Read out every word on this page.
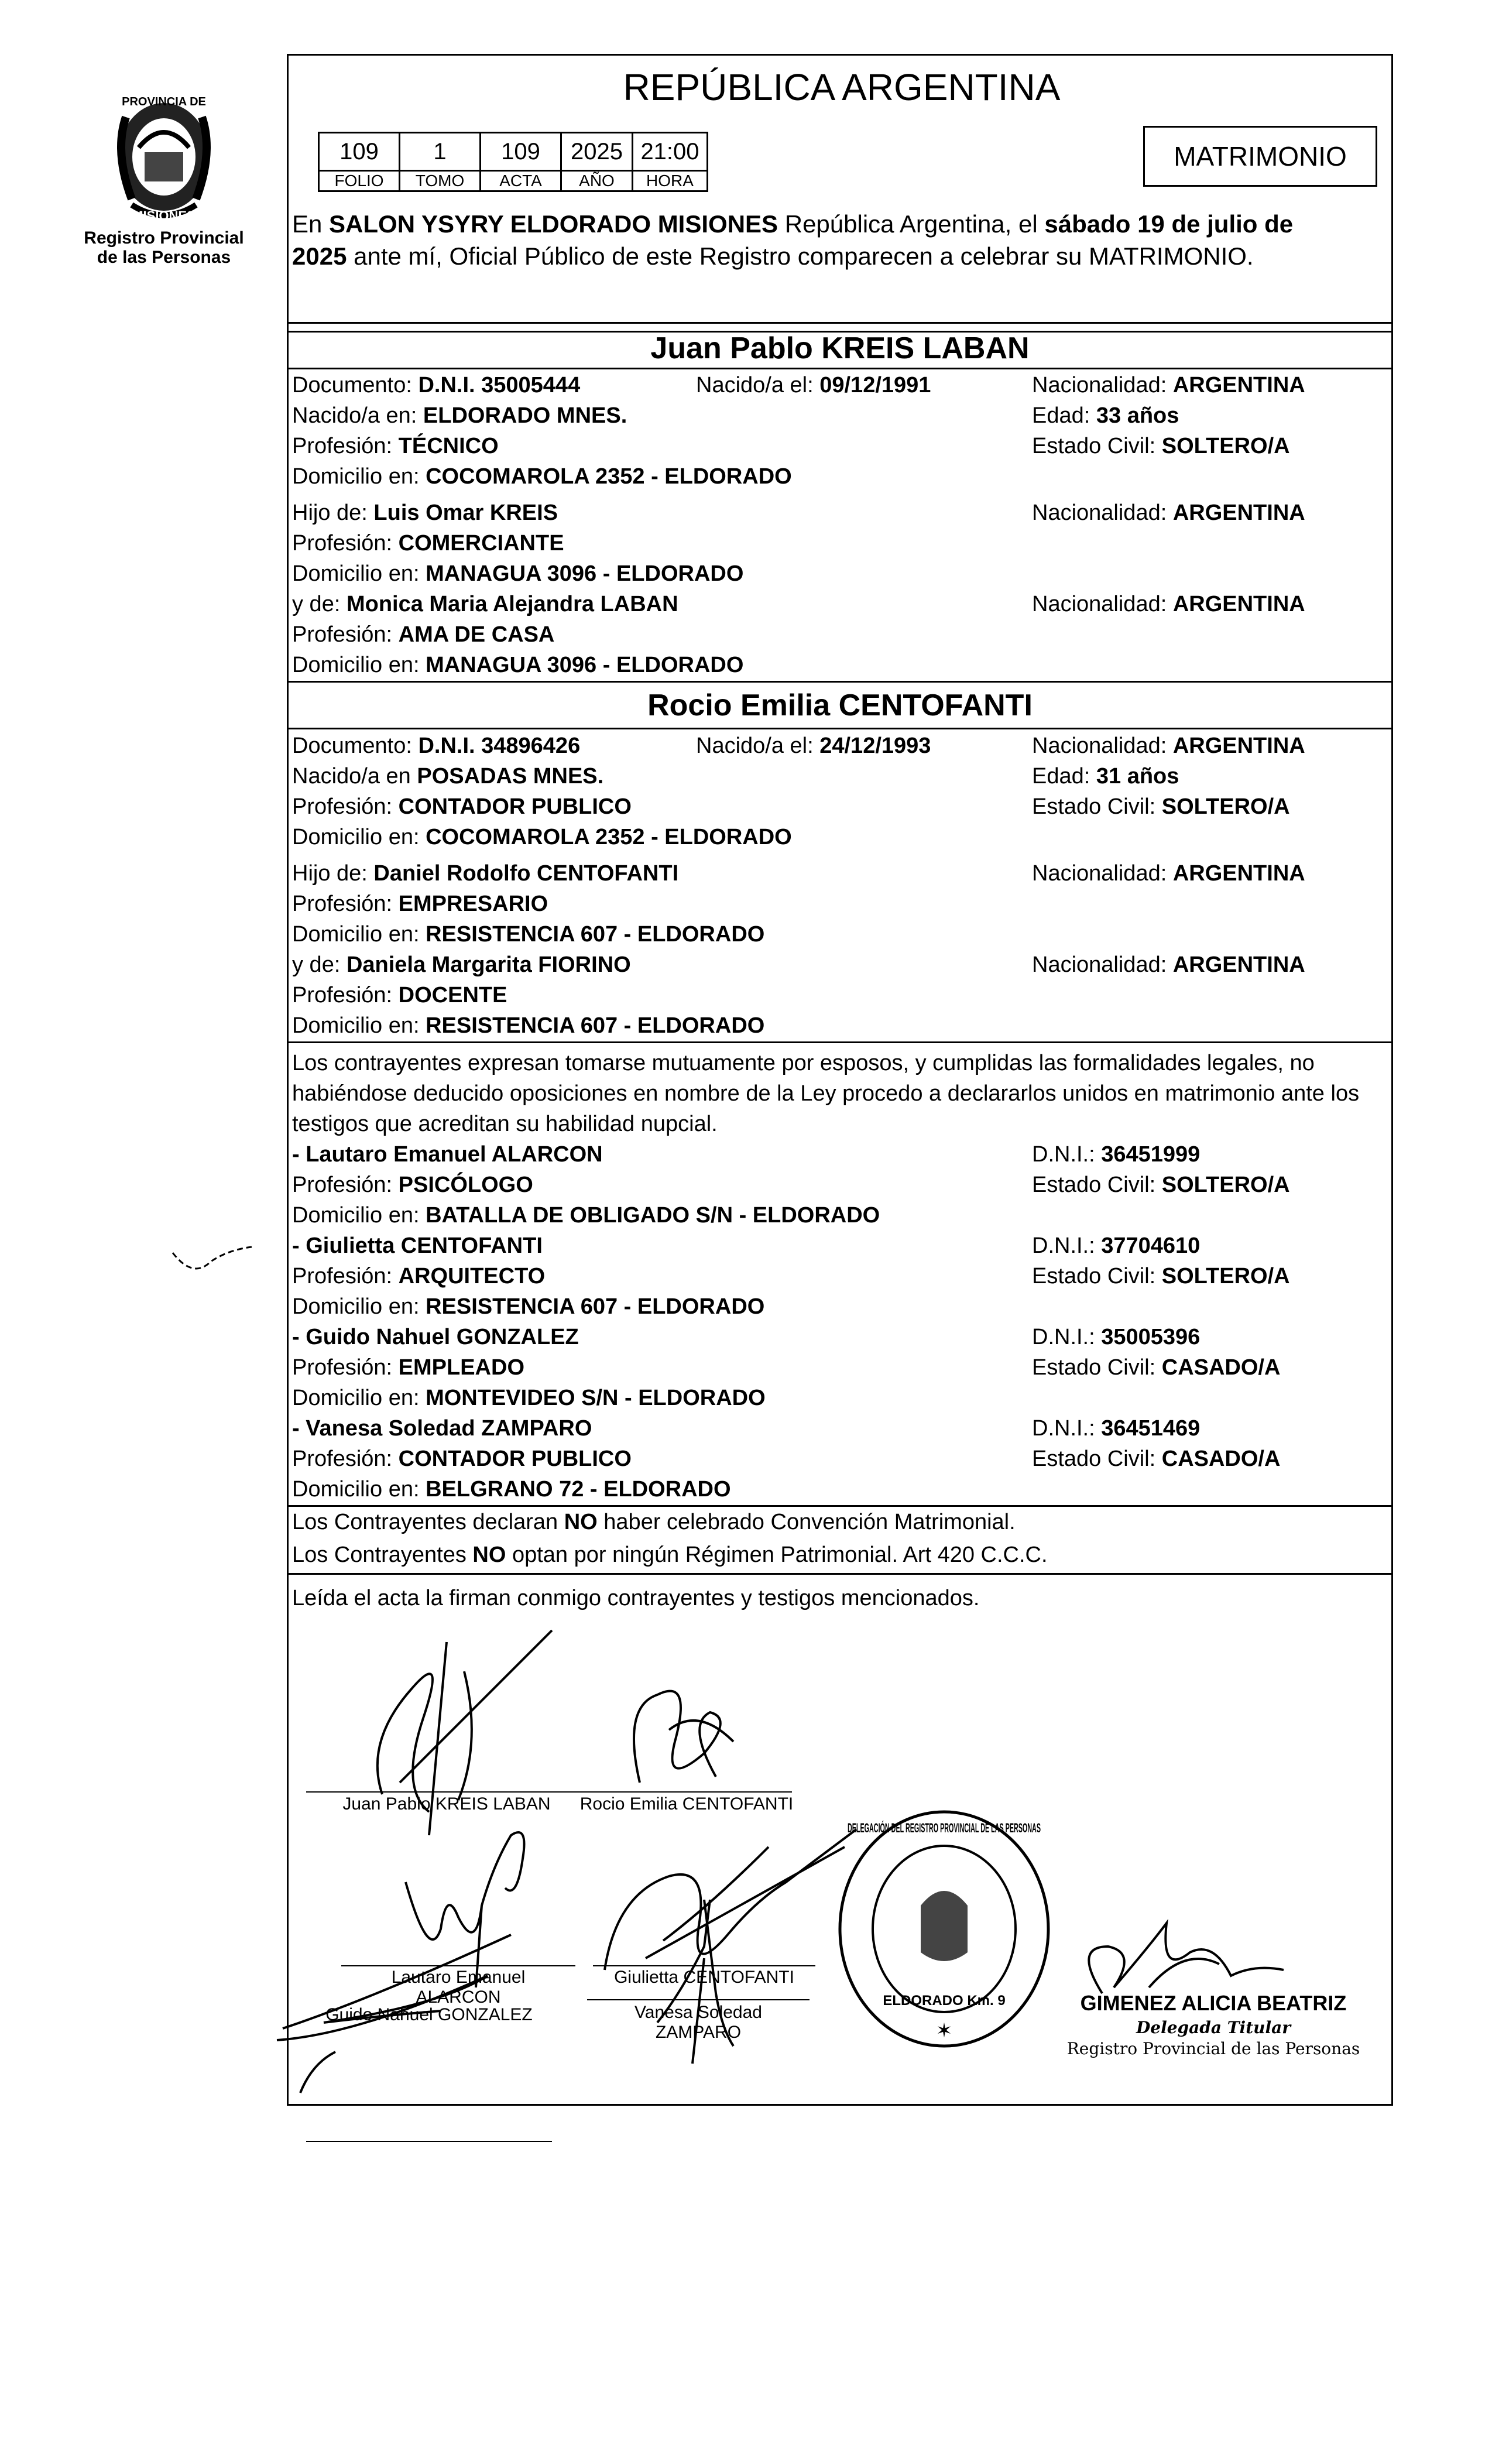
PROVINCIA DE
MISIONES
Registro Provincial
de las Personas
REPÚBLICA ARGENTINA
109	1	109	2025	21:00
FOLIO	TOMO	ACTA	AÑO	HORA
MATRIMONIO
En SALON YSYRY ELDORADO MISIONES República Argentina, el sábado 19 de julio de
2025 ante mí, Oficial Público de este Registro comparecen a celebrar su MATRIMONIO.
Juan Pablo KREIS LABAN
Documento: D.N.I. 35005444	Nacido/a el: 09/12/1991	Nacionalidad: ARGENTINA
Nacido/a en: ELDORADO MNES.	Edad: 33 años
Profesión: TÉCNICO	Estado Civil: SOLTERO/A
Domicilio en: COCOMAROLA 2352 - ELDORADO
Hijo de: Luis Omar KREIS	Nacionalidad: ARGENTINA
Profesión: COMERCIANTE
Domicilio en: MANAGUA 3096 - ELDORADO
y de: Monica Maria Alejandra LABAN	Nacionalidad: ARGENTINA
Profesión: AMA DE CASA
Domicilio en: MANAGUA 3096 - ELDORADO
Rocio Emilia CENTOFANTI
Documento: D.N.I. 34896426	Nacido/a el: 24/12/1993	Nacionalidad: ARGENTINA
Nacido/a en POSADAS MNES.	Edad: 31 años
Profesión: CONTADOR PUBLICO	Estado Civil: SOLTERO/A
Domicilio en: COCOMAROLA 2352 - ELDORADO
Hijo de: Daniel Rodolfo CENTOFANTI	Nacionalidad: ARGENTINA
Profesión: EMPRESARIO
Domicilio en: RESISTENCIA 607 - ELDORADO
y de: Daniela Margarita FIORINO	Nacionalidad: ARGENTINA
Profesión: DOCENTE
Domicilio en: RESISTENCIA 607 - ELDORADO
Los contrayentes expresan tomarse mutuamente por esposos, y cumplidas las formalidades legales, no habiéndose deducido oposiciones en nombre de la Ley procedo a declararlos unidos en matrimonio ante los testigos que acreditan su habilidad nupcial.
- Lautaro Emanuel ALARCON	D.N.I.: 36451999
Profesión: PSICÓLOGO	Estado Civil: SOLTERO/A
Domicilio en: BATALLA DE OBLIGADO S/N - ELDORADO
- Giulietta CENTOFANTI	D.N.I.: 37704610
Profesión: ARQUITECTO	Estado Civil: SOLTERO/A
Domicilio en: RESISTENCIA 607 - ELDORADO
- Guido Nahuel GONZALEZ	D.N.I.: 35005396
Profesión: EMPLEADO	Estado Civil: CASADO/A
Domicilio en: MONTEVIDEO S/N - ELDORADO
- Vanesa Soledad ZAMPARO	D.N.I.: 36451469
Profesión: CONTADOR PUBLICO	Estado Civil: CASADO/A
Domicilio en: BELGRANO 72 - ELDORADO
Los Contrayentes declaran NO haber celebrado Convención Matrimonial.
Los Contrayentes NO optan por ningún Régimen Patrimonial. Art 420 C.C.C.
Leída el acta la firman conmigo contrayentes y testigos mencionados.
Juan Pablo KREIS LABAN	Rocio Emilia CENTOFANTI
Lautaro Emanuel
ALARCON
Giulietta CENTOFANTI
Guido Nahuel GONZALEZ	Vanesa Soledad
ZAMPARO
DELEGACIÓN DEL REGISTRO PROVINCIAL DE LAS PERSONAS
ELDORADO Km. 9
✶
GIMENEZ ALICIA BEATRIZ
Delegada Titular
Registro Provincial de las Personas
